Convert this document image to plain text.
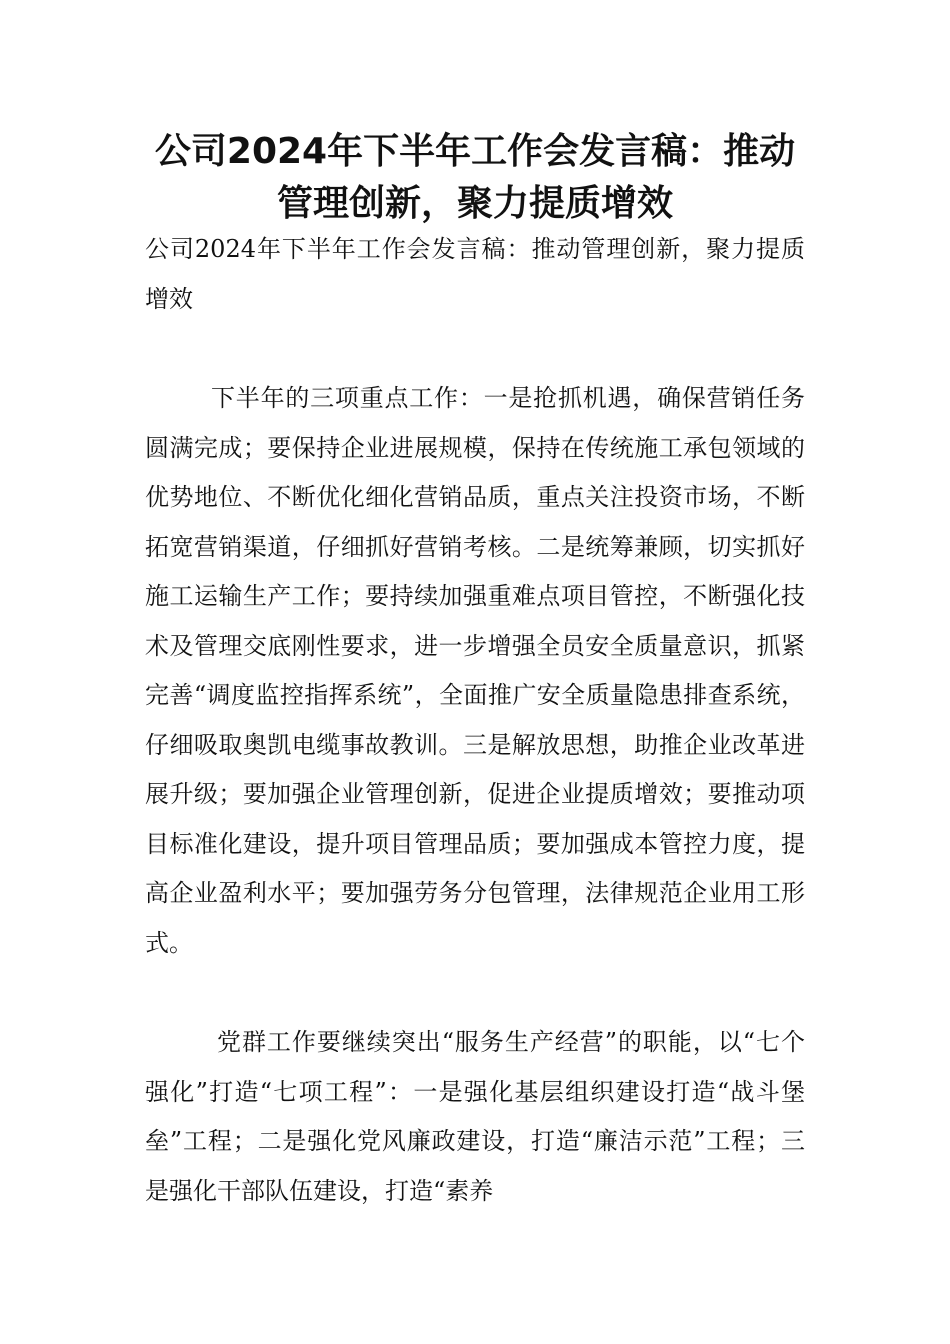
公司2024年下半年工作会发言稿：推动管理创新，聚力提质增效

公司2024年下半年工作会发言稿：推动管理创新，聚力提质增效

下半年的三项重点工作：一是抢抓机遇，确保营销任务圆满完成；要保持企业进展规模，保持在传统施工承包领域的优势地位、不断优化细化营销品质，重点关注投资市场，不断拓宽营销渠道，仔细抓好营销考核。二是统筹兼顾，切实抓好施工运输生产工作；要持续加强重难点项目管控，不断强化技术及管理交底刚性要求，进一步增强全员安全质量意识，抓紧完善“调度监控指挥系统”，全面推广安全质量隐患排查系统，仔细吸取奥凯电缆事故教训。三是解放思想，助推企业改革进展升级；要加强企业管理创新，促进企业提质增效；要推动项目标准化建设，提升项目管理品质；要加强成本管控力度，提高企业盈利水平；要加强劳务分包管理，法律规范企业用工形式。

党群工作要继续突出“服务生产经营”的职能，以“七个强化”打造“七项工程”：一是强化基层组织建设打造“战斗堡垒”工程；二是强化党风廉政建设，打造“廉洁示范”工程；三是强化干部队伍建设，打造“素养
